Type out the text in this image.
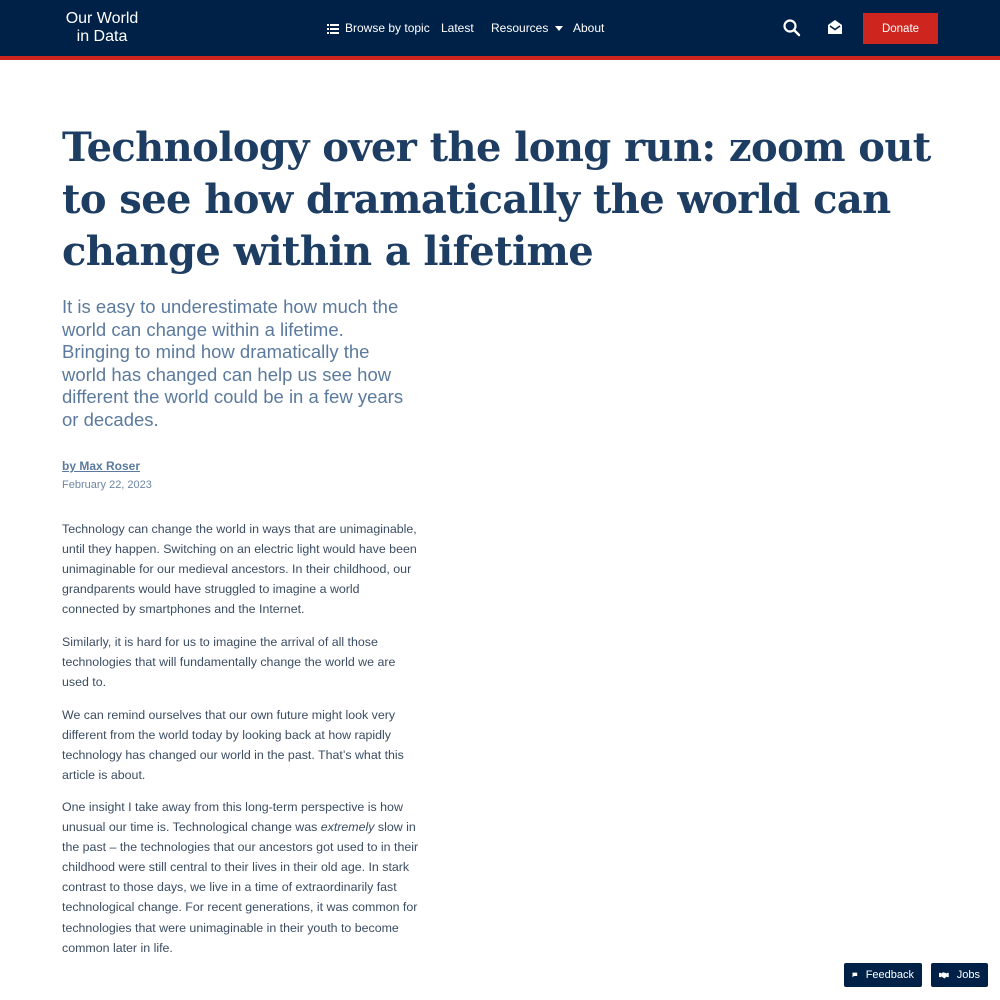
Our World
in Data	Browse by topic Latest Resources About	Donate
Technology over the long run: zoom out to see how dramatically the world can change within a lifetime

It is easy to underestimate how much the world can change within a lifetime. Bringing to mind how dramatically the world has changed can help us see how different the world could be in a few years or decades.

by Max Roser
February 22, 2023

Technology can change the world in ways that are unimaginable, until they happen. Switching on an electric light would have been unimaginable for our medieval ancestors. In their childhood, our grandparents would have struggled to imagine a world connected by smartphones and the Internet.

Similarly, it is hard for us to imagine the arrival of all those technologies that will fundamentally change the world we are used to.

We can remind ourselves that our own future might look very different from the world today by looking back at how rapidly technology has changed our world in the past. That’s what this article is about.

One insight I take away from this long-term perspective is how unusual our time is. Technological change was extremely slow in the past – the technologies that our ancestors got used to in their childhood were still central to their lives in their old age. In stark contrast to those days, we live in a time of extraordinarily fast technological change. For recent generations, it was common for technologies that were unimaginable in their youth to become common later in life.

Feedback	Jobs
